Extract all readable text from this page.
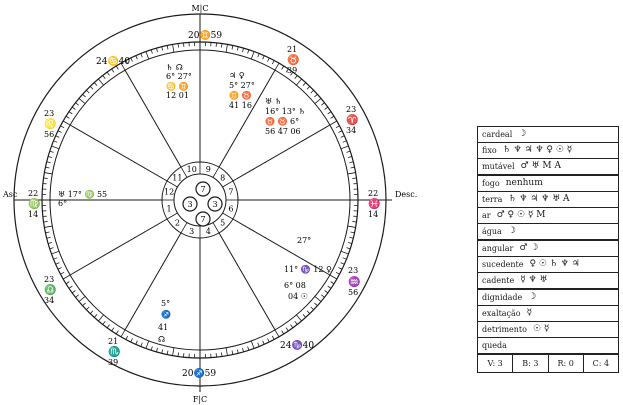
M|C
F|C
Asc	Desc.
9
8
7
6
5
4
3
2
1
12
11
10
7
3 3
7
20♊59
24♋40
23
♌
56
22
♍
14
23
♎
34
21
♏
39
20♐59
24♑40
23
♒
56
22
♓
14
23
♈
34
21
♉
39
♄ ☊
6° 27°
♋ ♊
12 01
♃ ♀
5° 27°
♊ ♉
41 16 ♅ ♄
16° 13° ♄
♉ ♉ 6°
56 47 06
♅ 17° ♍ 55
6°
27°
11° ♑ 12 ♀
6° 08
04 ☉
5°
♐
41
☊
cardeal ☽
fixo ♄ ♆ ♃ ♆ ♀ ☉ ☿
mutável ♂ ♅ M A
fogo nenhum
terra ♄ ♆ ♃ ♆ ♅ A
ar ♂ ♀ ☉ ☿ M
água ☽
angular ♂ ☽
sucedente ♀ ☉ ♄ ♆ ♃
cadente ☿ ♆ ♅
dignidade ☽
exaltação ☿
detrimento ☉ ☿
queda
V: 3	B: 3	R: 0	C: 4
